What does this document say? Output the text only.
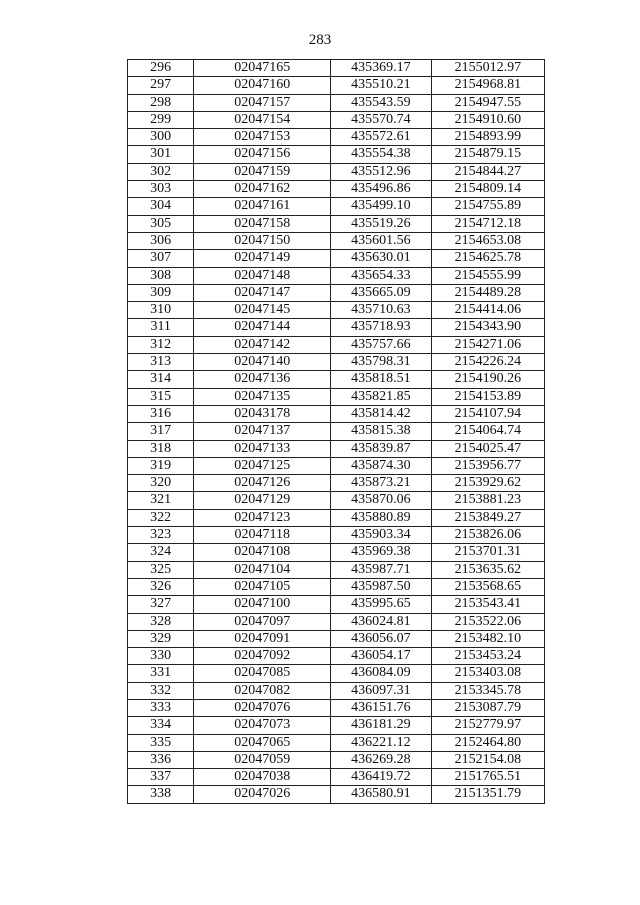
283
296	02047165	435369.17	2155012.97
297	02047160	435510.21	2154968.81
298	02047157	435543.59	2154947.55
299	02047154	435570.74	2154910.60
300	02047153	435572.61	2154893.99
301	02047156	435554.38	2154879.15
302	02047159	435512.96	2154844.27
303	02047162	435496.86	2154809.14
304	02047161	435499.10	2154755.89
305	02047158	435519.26	2154712.18
306	02047150	435601.56	2154653.08
307	02047149	435630.01	2154625.78
308	02047148	435654.33	2154555.99
309	02047147	435665.09	2154489.28
310	02047145	435710.63	2154414.06
311	02047144	435718.93	2154343.90
312	02047142	435757.66	2154271.06
313	02047140	435798.31	2154226.24
314	02047136	435818.51	2154190.26
315	02047135	435821.85	2154153.89
316	02043178	435814.42	2154107.94
317	02047137	435815.38	2154064.74
318	02047133	435839.87	2154025.47
319	02047125	435874.30	2153956.77
320	02047126	435873.21	2153929.62
321	02047129	435870.06	2153881.23
322	02047123	435880.89	2153849.27
323	02047118	435903.34	2153826.06
324	02047108	435969.38	2153701.31
325	02047104	435987.71	2153635.62
326	02047105	435987.50	2153568.65
327	02047100	435995.65	2153543.41
328	02047097	436024.81	2153522.06
329	02047091	436056.07	2153482.10
330	02047092	436054.17	2153453.24
331	02047085	436084.09	2153403.08
332	02047082	436097.31	2153345.78
333	02047076	436151.76	2153087.79
334	02047073	436181.29	2152779.97
335	02047065	436221.12	2152464.80
336	02047059	436269.28	2152154.08
337	02047038	436419.72	2151765.51
338	02047026	436580.91	2151351.79
